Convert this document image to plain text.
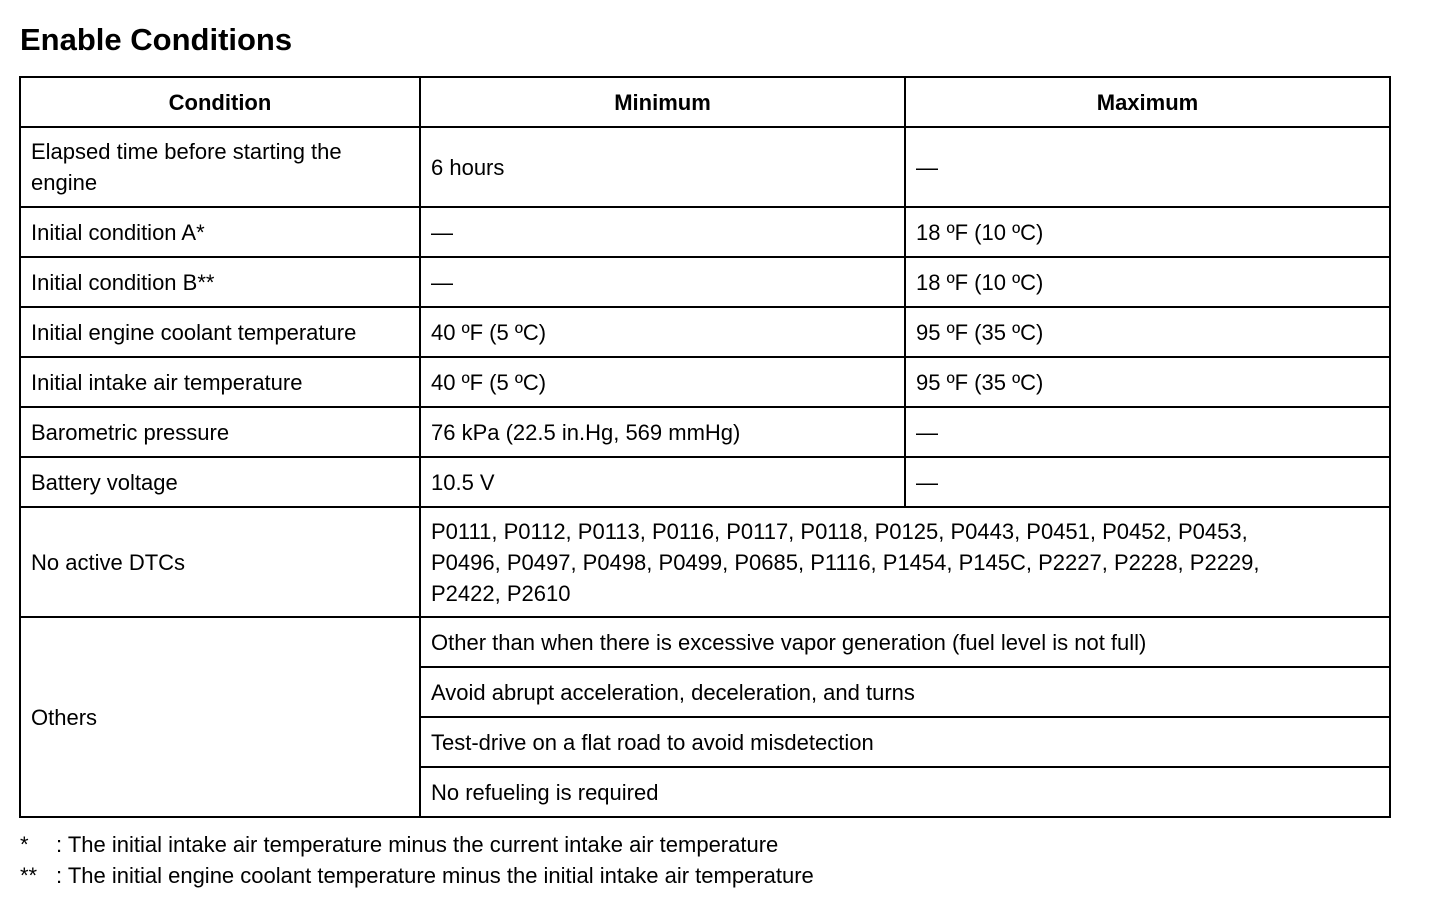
Enable Conditions
Condition	Minimum	Maximum
Elapsed time before starting the engine	6 hours	—
Initial condition A*	—	18 ºF (10 ºC)
Initial condition B**	—	18 ºF (10 ºC)
Initial engine coolant temperature	40 ºF (5 ºC)	95 ºF (35 ºC)
Initial intake air temperature	40 ºF (5 ºC)	95 ºF (35 ºC)
Barometric pressure	76 kPa (22.5 in.Hg, 569 mmHg)	—
Battery voltage	10.5 V	—
No active DTCs	P0111, P0112, P0113, P0116, P0117, P0118, P0125, P0443, P0451, P0452, P0453,
P0496, P0497, P0498, P0499, P0685, P1116, P1454, P145C, P2227, P2228, P2229,
P2422, P2610	

Others	Other than when there is excessive vapor generation (fuel level is not full)	
	Avoid abrupt acceleration, deceleration, and turns	
	Test-drive on a flat road to avoid misdetection	
	No refueling is required	
* : The initial intake air temperature minus the current intake air temperature
** : The initial engine coolant temperature minus the initial intake air temperature
